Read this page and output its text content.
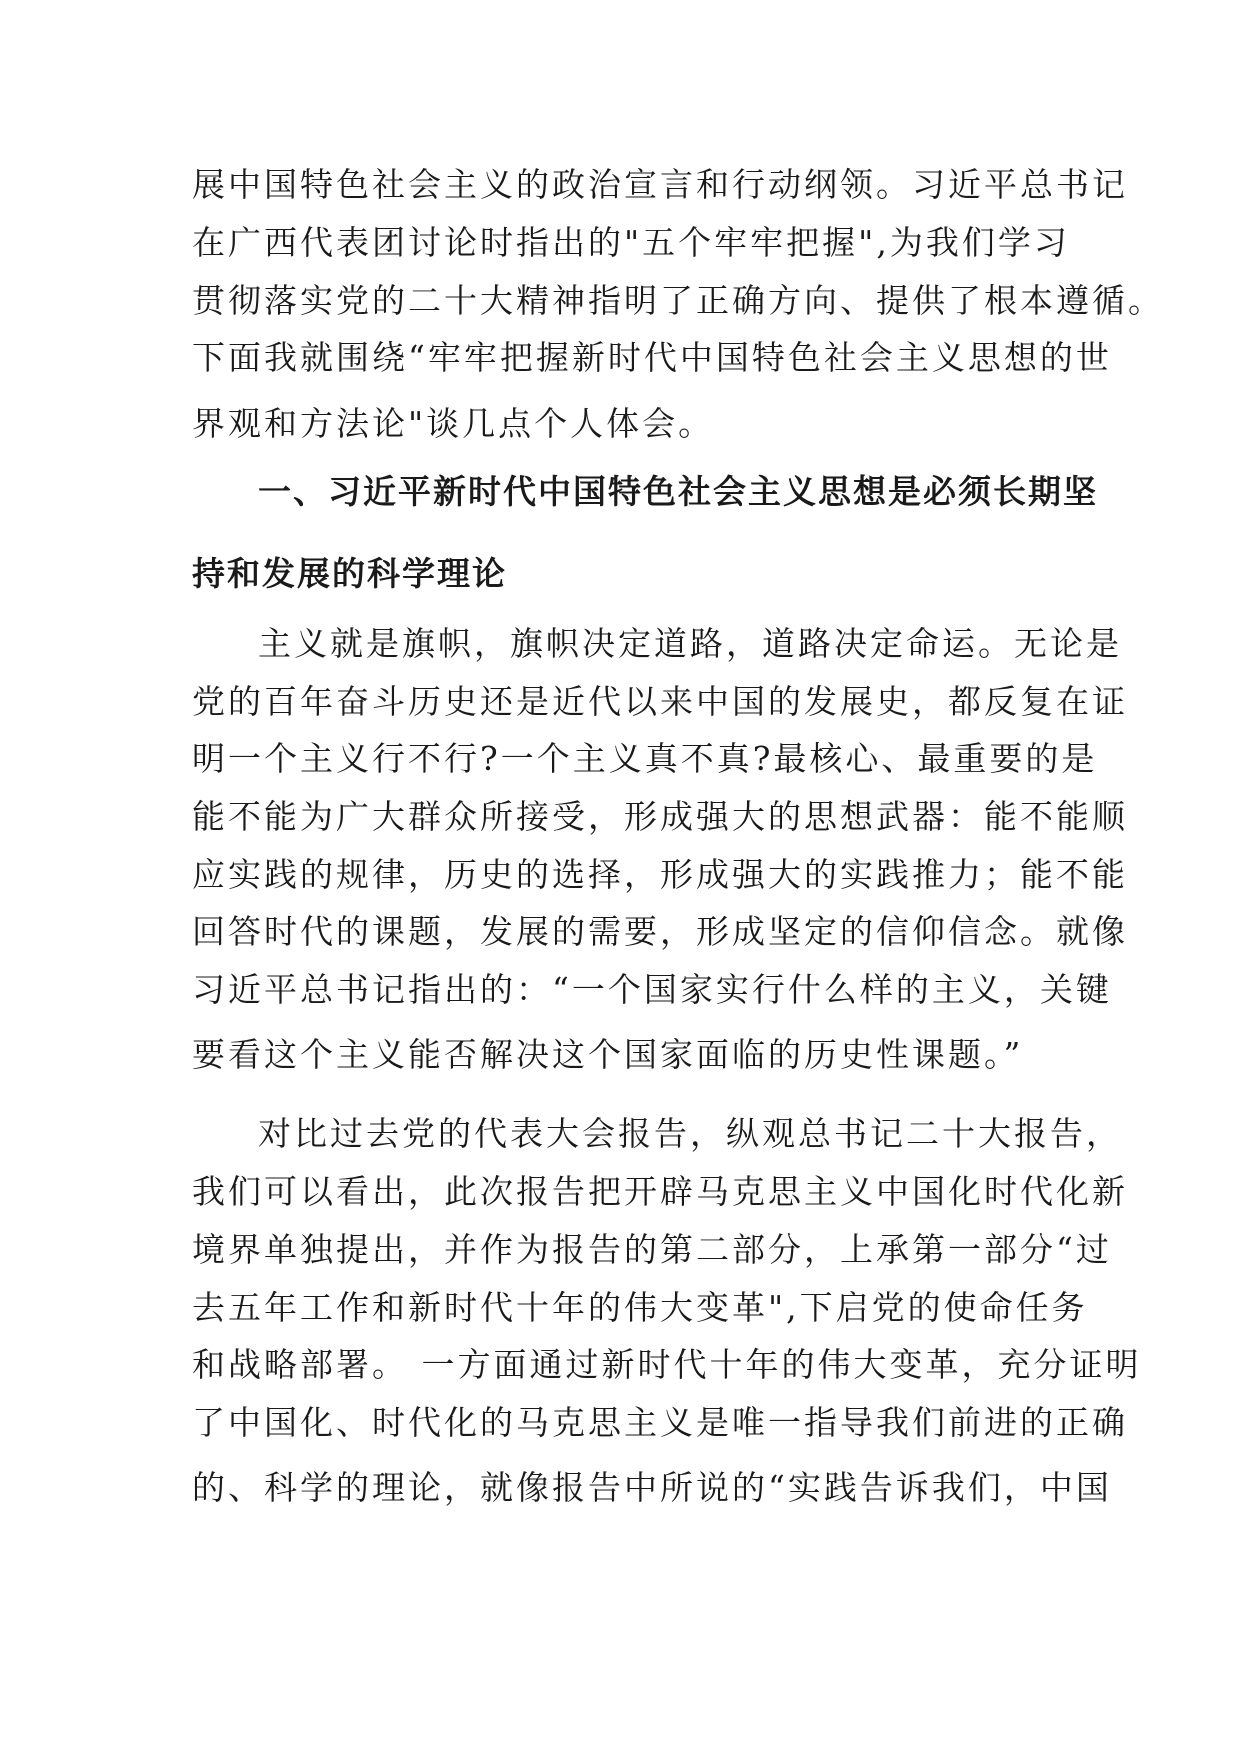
展中国特色社会主义的政治宣言和行动纲领。习近平总书记
在广西代表团讨论时指出的"五个牢牢把握",为我们学习
贯彻落实党的二十大精神指明了正确方向、提供了根本遵循。
下面我就围绕“牢牢把握新时代中国特色社会主义思想的世
界观和方法论"谈几点个人体会。
一、习近平新时代中国特色社会主义思想是必须长期坚
持和发展的科学理论
主义就是旗帜，旗帜决定道路，道路决定命运。无论是
党的百年奋斗历史还是近代以来中国的发展史，都反复在证
明一个主义行不行?一个主义真不真?最核心、最重要的是
能不能为广大群众所接受，形成强大的思想武器：能不能顺
应实践的规律，历史的选择，形成强大的实践推力；能不能
回答时代的课题，发展的需要，形成坚定的信仰信念。就像
习近平总书记指出的：“一个国家实行什么样的主义，关键
要看这个主义能否解决这个国家面临的历史性课题。”
对比过去党的代表大会报告，纵观总书记二十大报告，
我们可以看出，此次报告把开辟马克思主义中国化时代化新
境界单独提出，并作为报告的第二部分，上承第一部分“过
去五年工作和新时代十年的伟大变革",下启党的使命任务
和战略部署。 一方面通过新时代十年的伟大变革，充分证明
了中国化、时代化的马克思主义是唯一指导我们前进的正确
的、科学的理论，就像报告中所说的“实践告诉我们，中国
